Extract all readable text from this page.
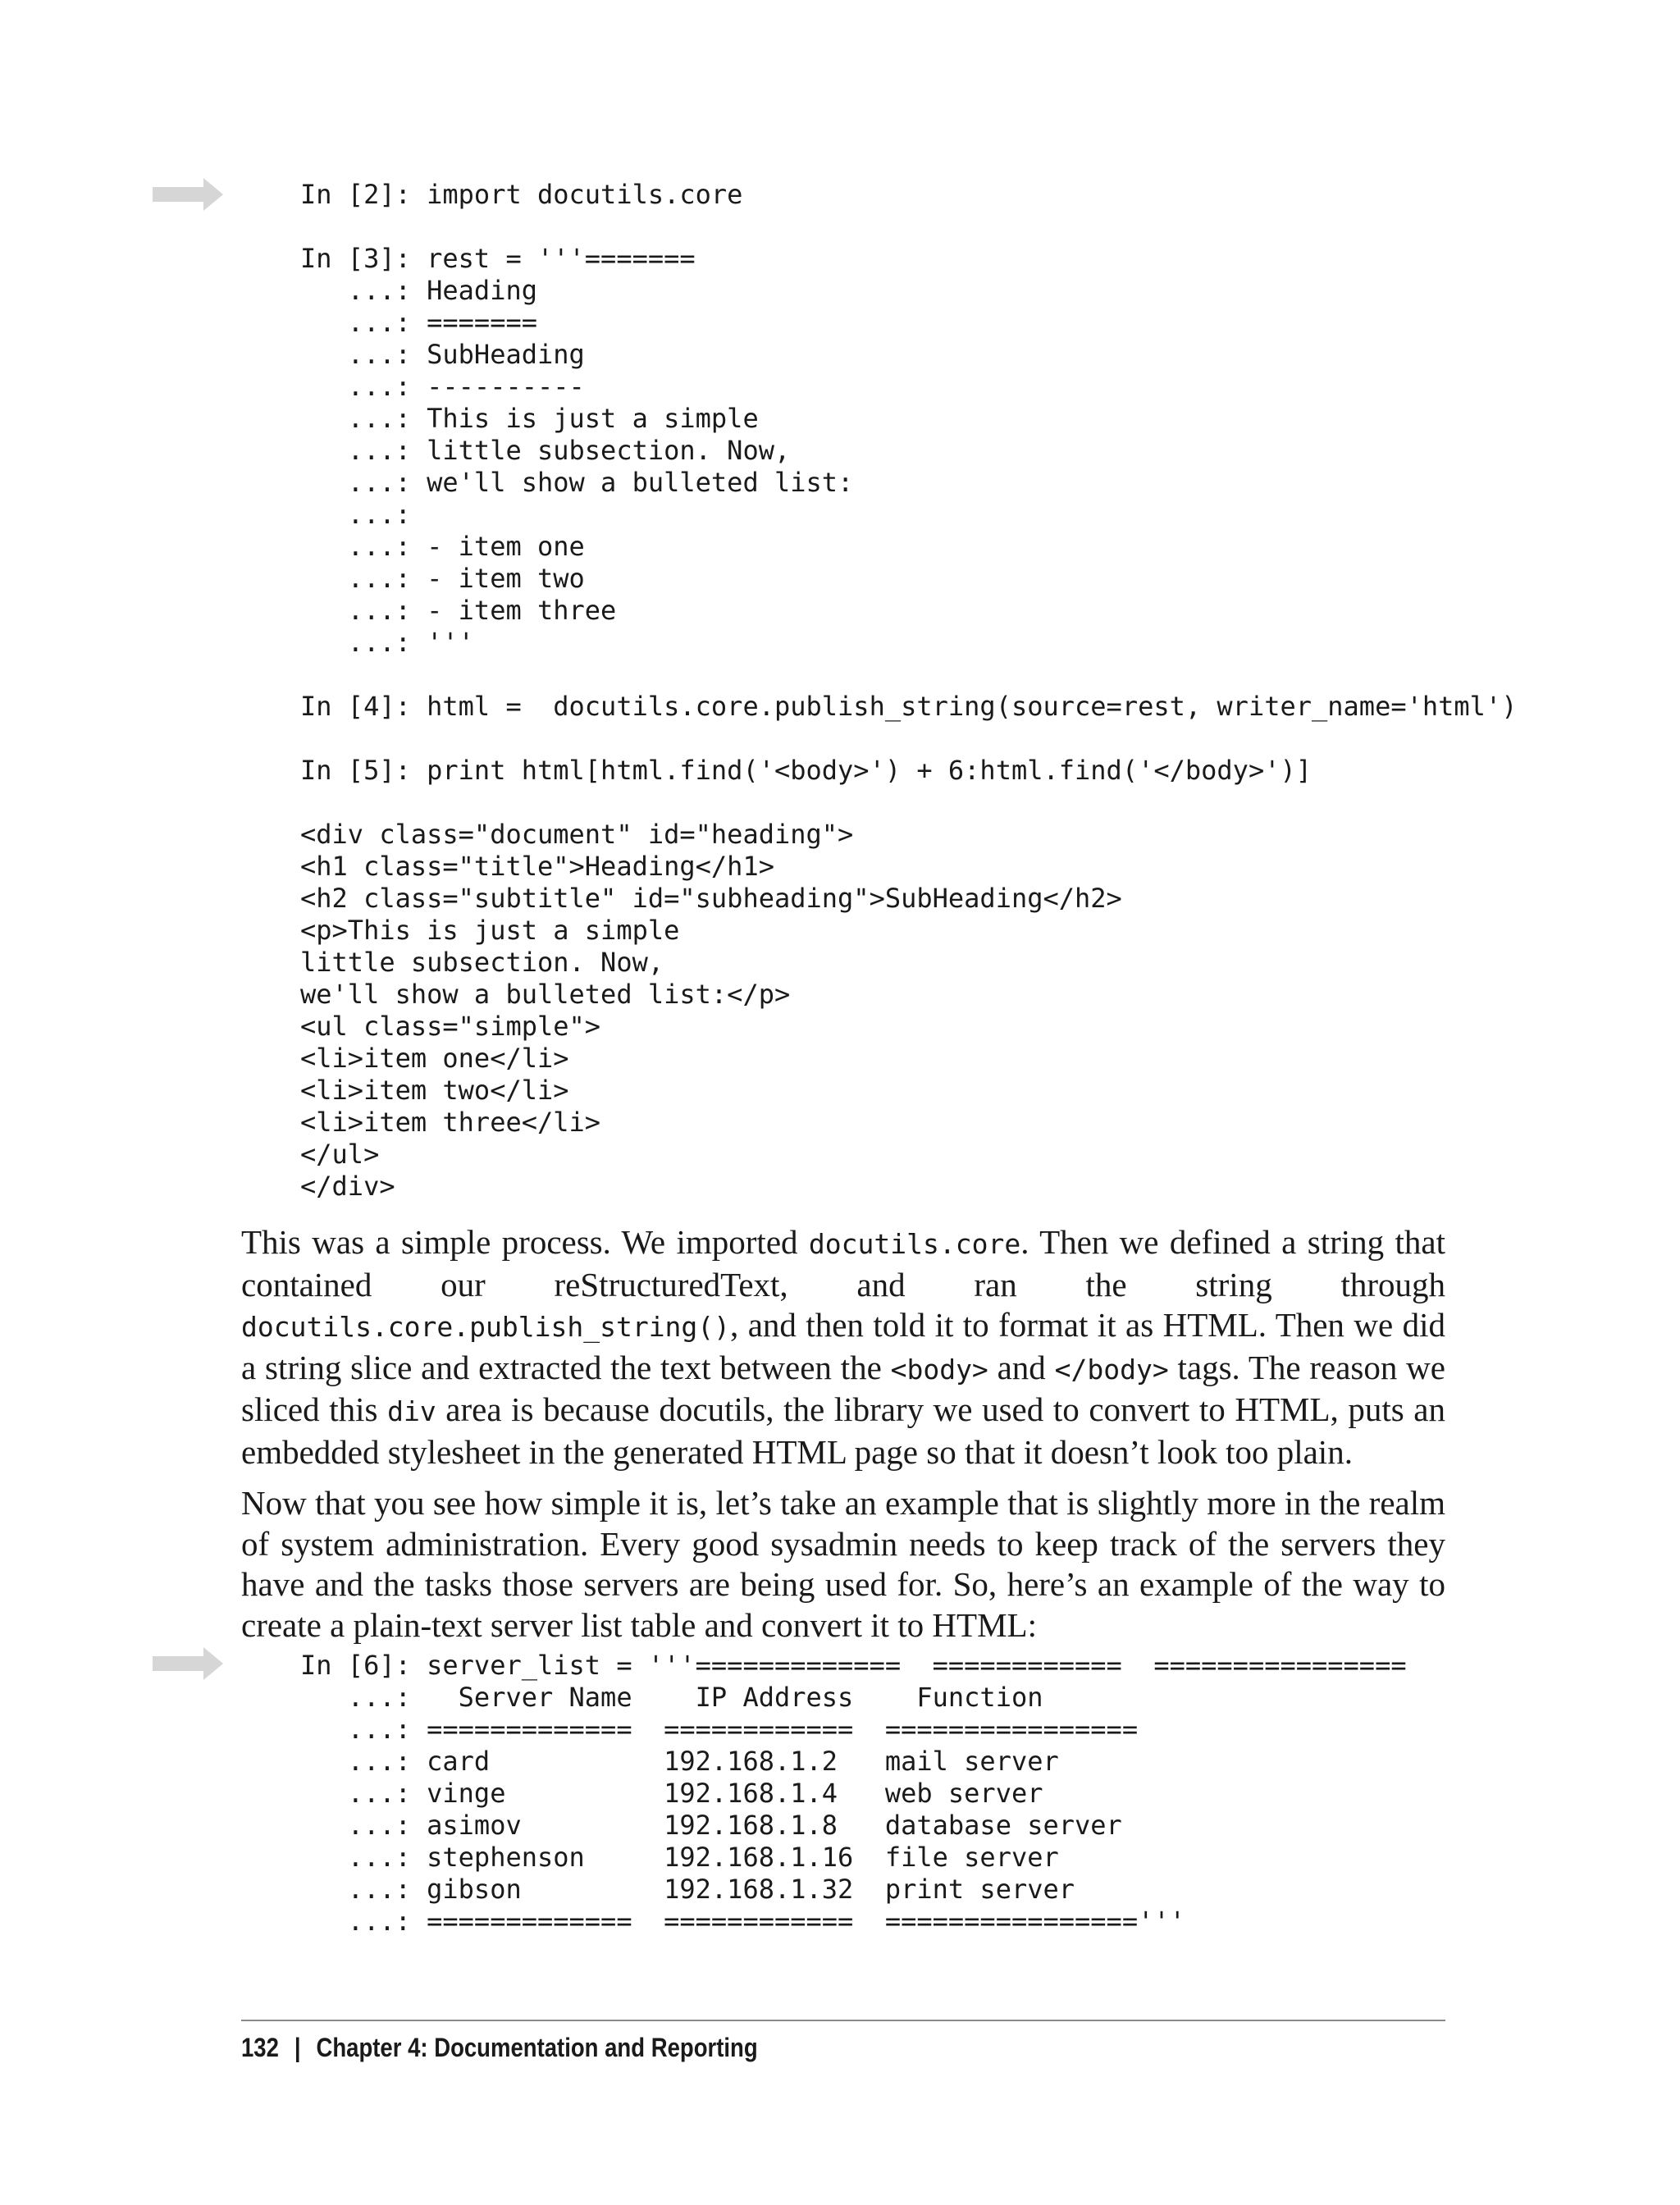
In [2]: import docutils.core
In [3]: rest = '''=======
...: Heading
...: =======
...: SubHeading
...: ----------
...: This is just a simple
...: little subsection. Now,
...: we'll show a bulleted list:
...:
...: - item one
...: - item two
...: - item three
...: '''
In [4]: html =  docutils.core.publish_string(source=rest, writer_name='html')
In [5]: print html[html.find('<body>') + 6:html.find('</body>')]
<div class="document" id="heading">
<h1 class="title">Heading</h1>
<h2 class="subtitle" id="subheading">SubHeading</h2>
<p>This is just a simple
little subsection. Now,
we'll show a bulleted list:</p>
<ul class="simple">
<li>item one</li>
<li>item two</li>
<li>item three</li>
</ul>
</div>

This was a simple process. We imported docutils.core. Then we defined a string that contained our reStructuredText, and ran the string through docutils.core.publish_string(), and then told it to format it as HTML. Then we did a string slice and extracted the text between the <body> and </body> tags. The reason we sliced this div area is because docutils, the library we used to convert to HTML, puts an embedded stylesheet in the generated HTML page so that it doesn’t look too plain.

Now that you see how simple it is, let’s take an example that is slightly more in the realm of system administration. Every good sysadmin needs to keep track of the servers they have and the tasks those servers are being used for. So, here’s an example of the way to create a plain-text server list table and convert it to HTML:

In [6]: server_list = '''=============  ============  ================
...:   Server Name    IP Address    Function
...: =============  ============  ================
...: card           192.168.1.2   mail server
...: vinge          192.168.1.4   web server
...: asimov         192.168.1.8   database server
...: stephenson     192.168.1.16  file server
...: gibson         192.168.1.32  print server
...: =============  ============  ================'''
132 | Chapter 4: Documentation and Reporting
